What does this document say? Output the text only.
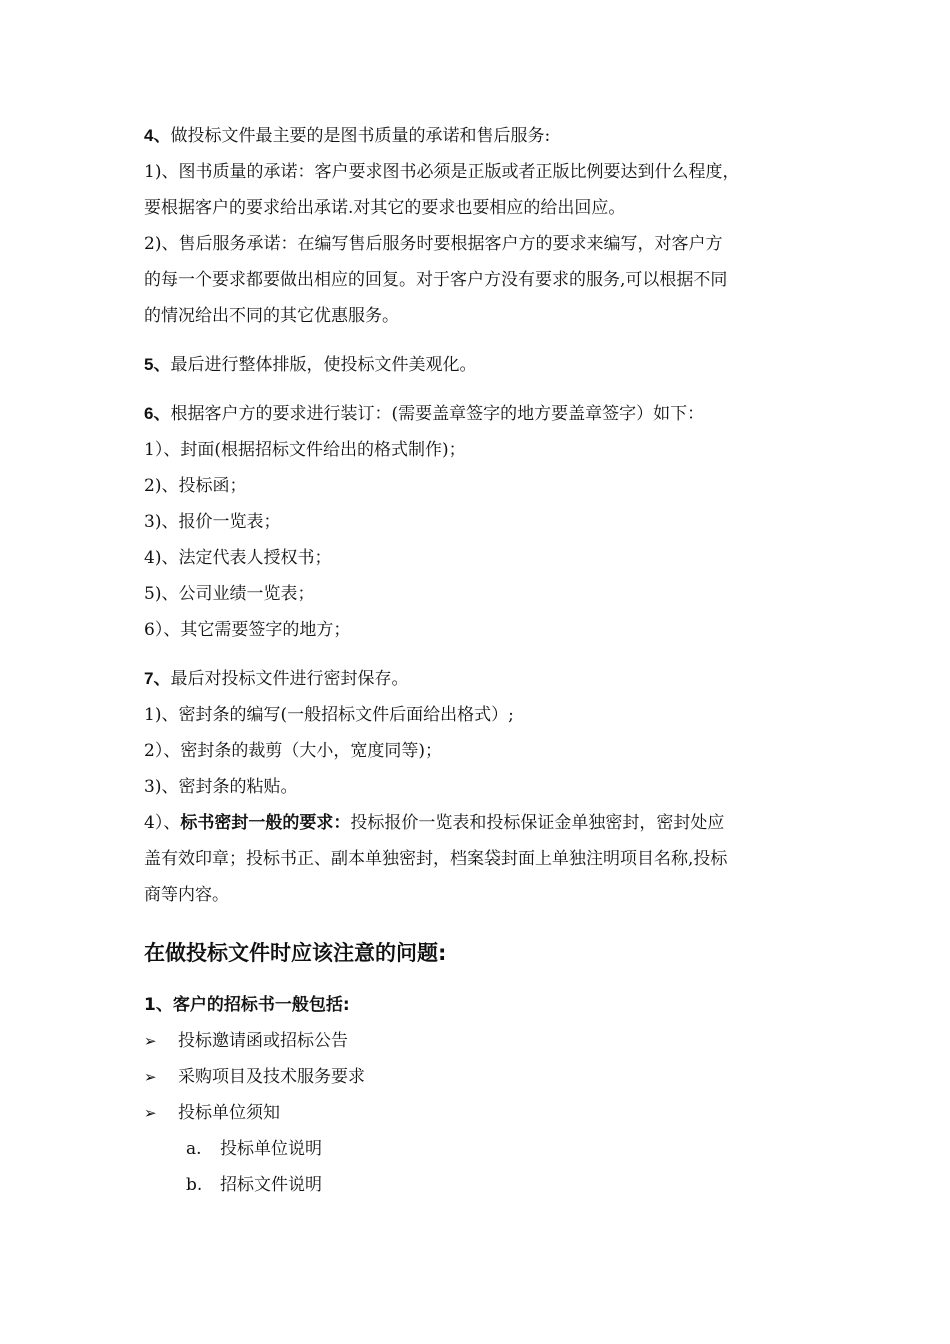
4、做投标文件最主要的是图书质量的承诺和售后服务:
1)、图书质量的承诺：客户要求图书必须是正版或者正版比例要达到什么程度，
要根据客户的要求给出承诺.对其它的要求也要相应的给出回应。
2)、售后服务承诺：在编写售后服务时要根据客户方的要求来编写，对客户方
的每一个要求都要做出相应的回复。对于客户方没有要求的服务,可以根据不同
的情况给出不同的其它优惠服务。
5、最后进行整体排版，使投标文件美观化。
6、根据客户方的要求进行装订：(需要盖章签字的地方要盖章签字）如下：
1）、封面(根据招标文件给出的格式制作)；
2)、投标函；
3)、报价一览表；
4)、法定代表人授权书；
5)、公司业绩一览表；
6）、其它需要签字的地方；
7、最后对投标文件进行密封保存。
1)、密封条的编写(一般招标文件后面给出格式）;
2）、密封条的裁剪（大小，宽度同等)；
3)、密封条的粘贴。
4）、标书密封一般的要求：投标报价一览表和投标保证金单独密封，密封处应
盖有效印章；投标书正、副本单独密封，档案袋封面上单独注明项目名称,投标
商等内容。
在做投标文件时应该注意的问题:
1、客户的招标书一般包括:
➢ 投标邀请函或招标公告
➢ 采购项目及技术服务要求
➢ 投标单位须知
a. 投标单位说明
b. 招标文件说明
